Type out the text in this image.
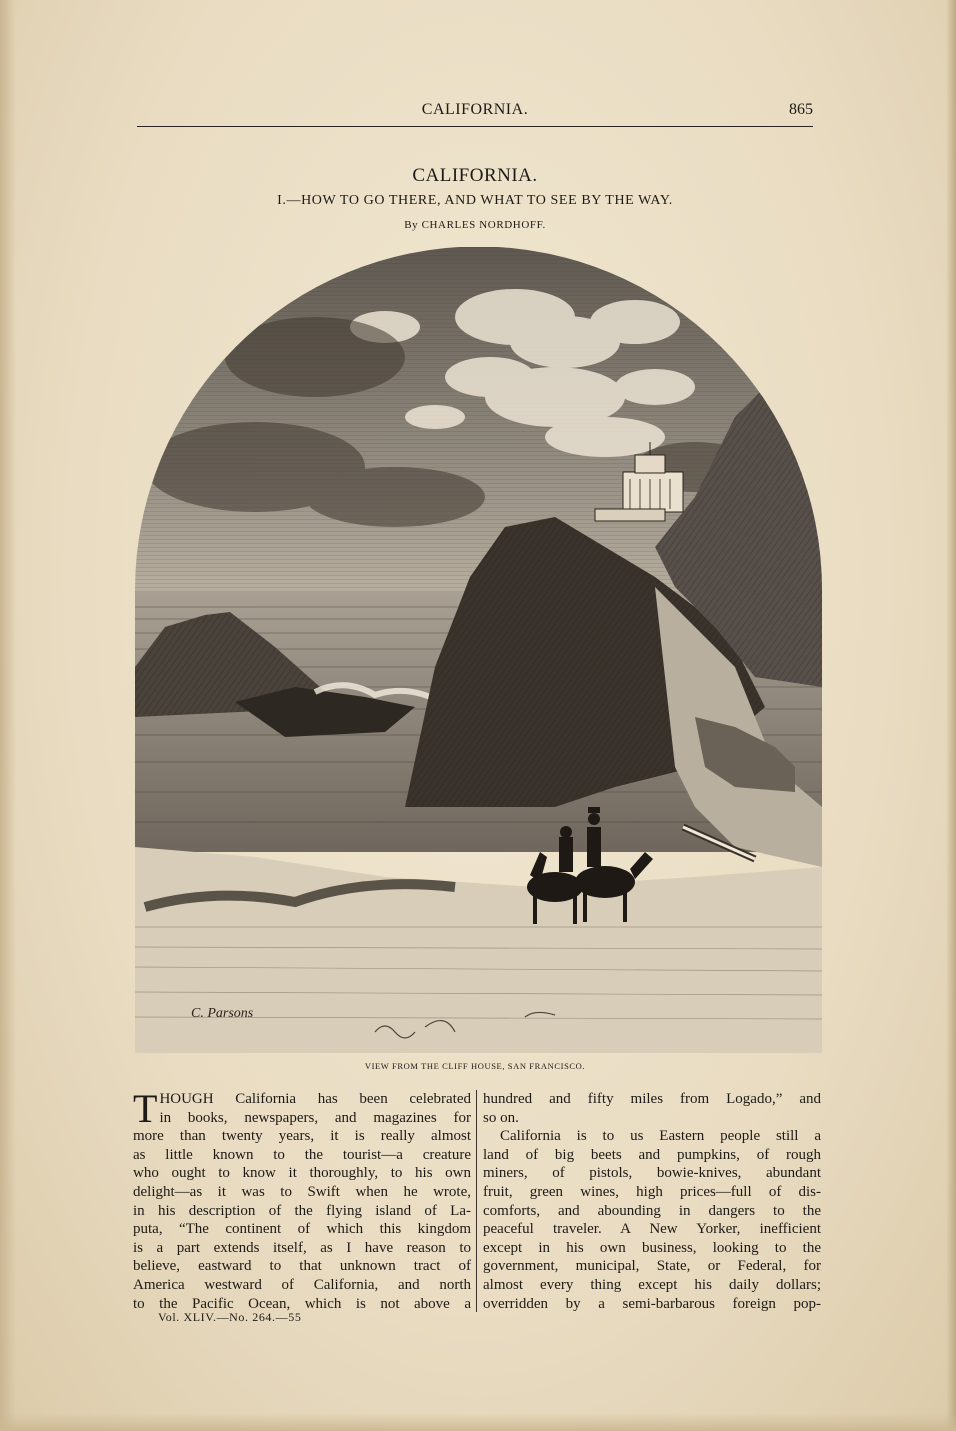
CALIFORNIA.	865
CALIFORNIA.
I.—HOW TO GO THERE, AND WHAT TO SEE BY THE WAY.
By CHARLES NORDHOFF.
C. Parsons
VIEW FROM THE CLIFF HOUSE, SAN FRANCISCO.
T HOUGH California has been celebrated
in books, newspapers, and magazines for
more than twenty years, it is really almost
as little known to the tourist—a creature
who ought to know it thoroughly, to his own
delight—as it was to Swift when he wrote,
in his description of the flying island of La-
puta, “The continent of which this kingdom
is a part extends itself, as I have reason to
believe, eastward to that unknown tract of
America westward of California, and north
to the Pacific Ocean, which is not above a
hundred and fifty miles from Logado,” and
so on.
California is to us Eastern people still a
land of big beets and pumpkins, of rough
miners, of pistols, bowie-knives, abundant
fruit, green wines, high prices—full of dis-
comforts, and abounding in dangers to the
peaceful traveler. A New Yorker, inefficient
except in his own business, looking to the
government, municipal, State, or Federal, for
almost every thing except his daily dollars;
overridden by a semi-barbarous foreign pop-
Vol. XLIV.—No. 264.—55
